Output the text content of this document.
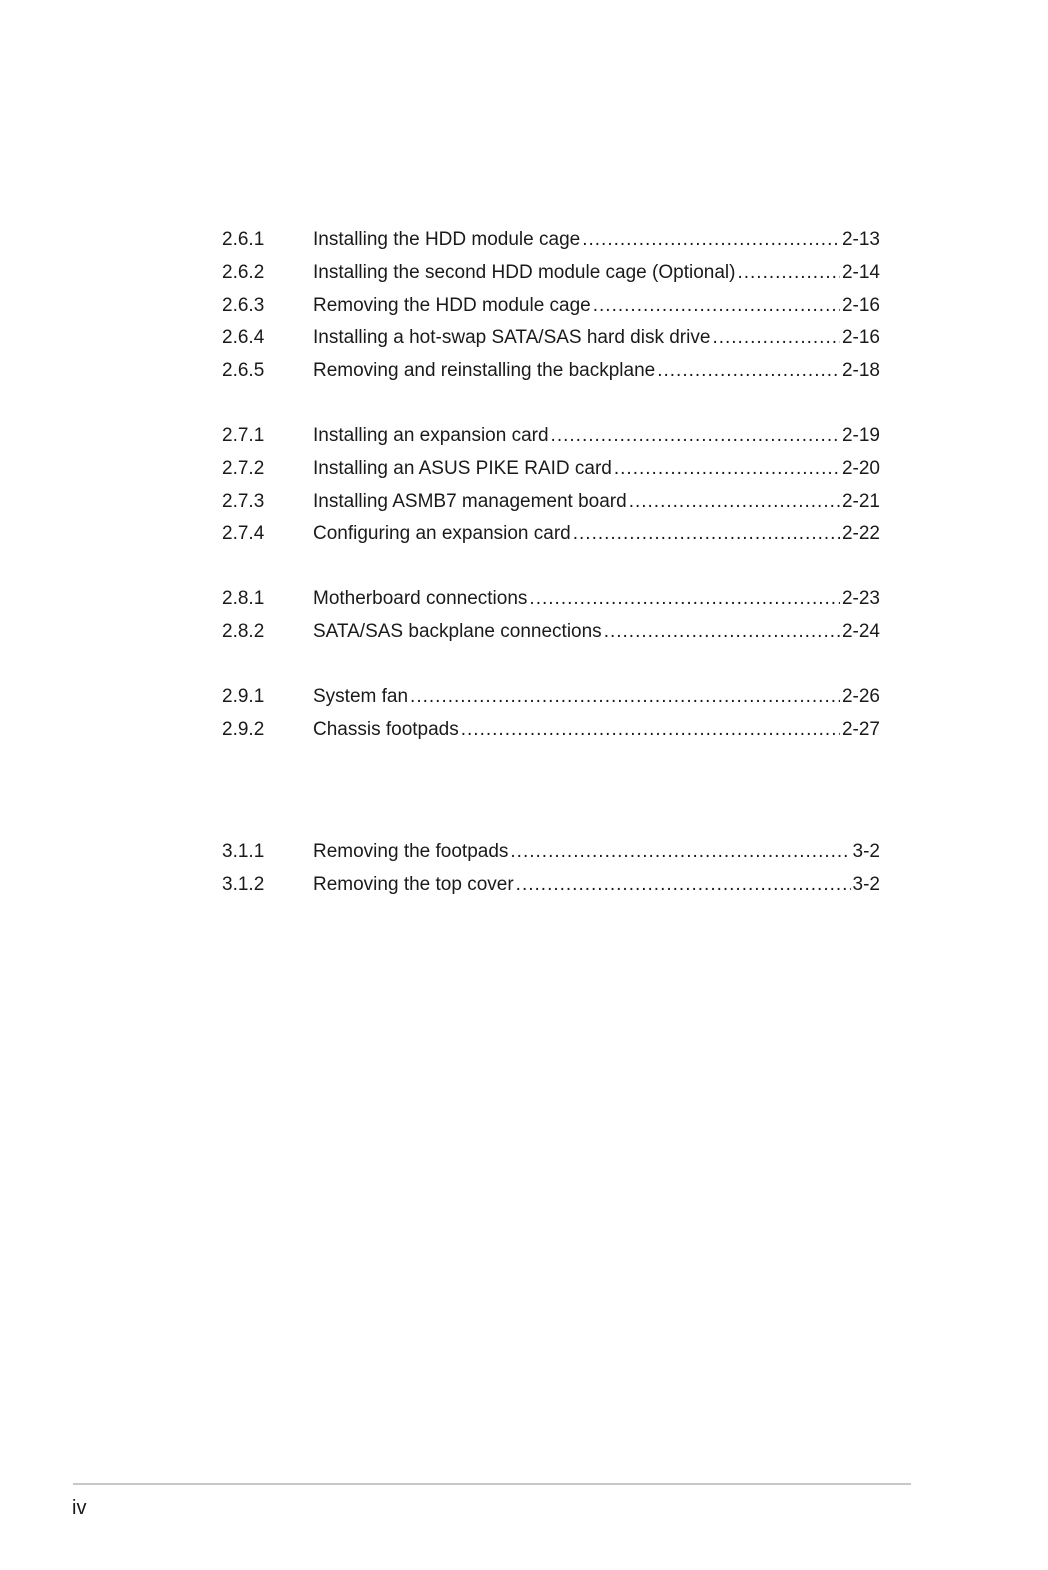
2.6.1	Installing the HDD module cage .....	2-13
2.6.2	Installing the second HDD module cage (Optional) .....	2-14
2.6.3	Removing the HDD module cage .....	2-16
2.6.4	Installing a hot-swap SATA/SAS hard disk drive .....	2-16
2.6.5	Removing and reinstalling the backplane .....	2-18
2.7.1	Installing an expansion card .....	2-19
2.7.2	Installing an ASUS PIKE RAID card .....	2-20
2.7.3	Installing ASMB7 management board .....	2-21
2.7.4	Configuring an expansion card .....	2-22
2.8.1	Motherboard connections .....	2-23
2.8.2	SATA/SAS backplane connections .....	2-24
2.9.1	System fan .....	2-26
2.9.2	Chassis footpads .....	2-27
3.1.1	Removing the footpads .....	3-2
3.1.2	Removing the top cover .....	3-2
iv
